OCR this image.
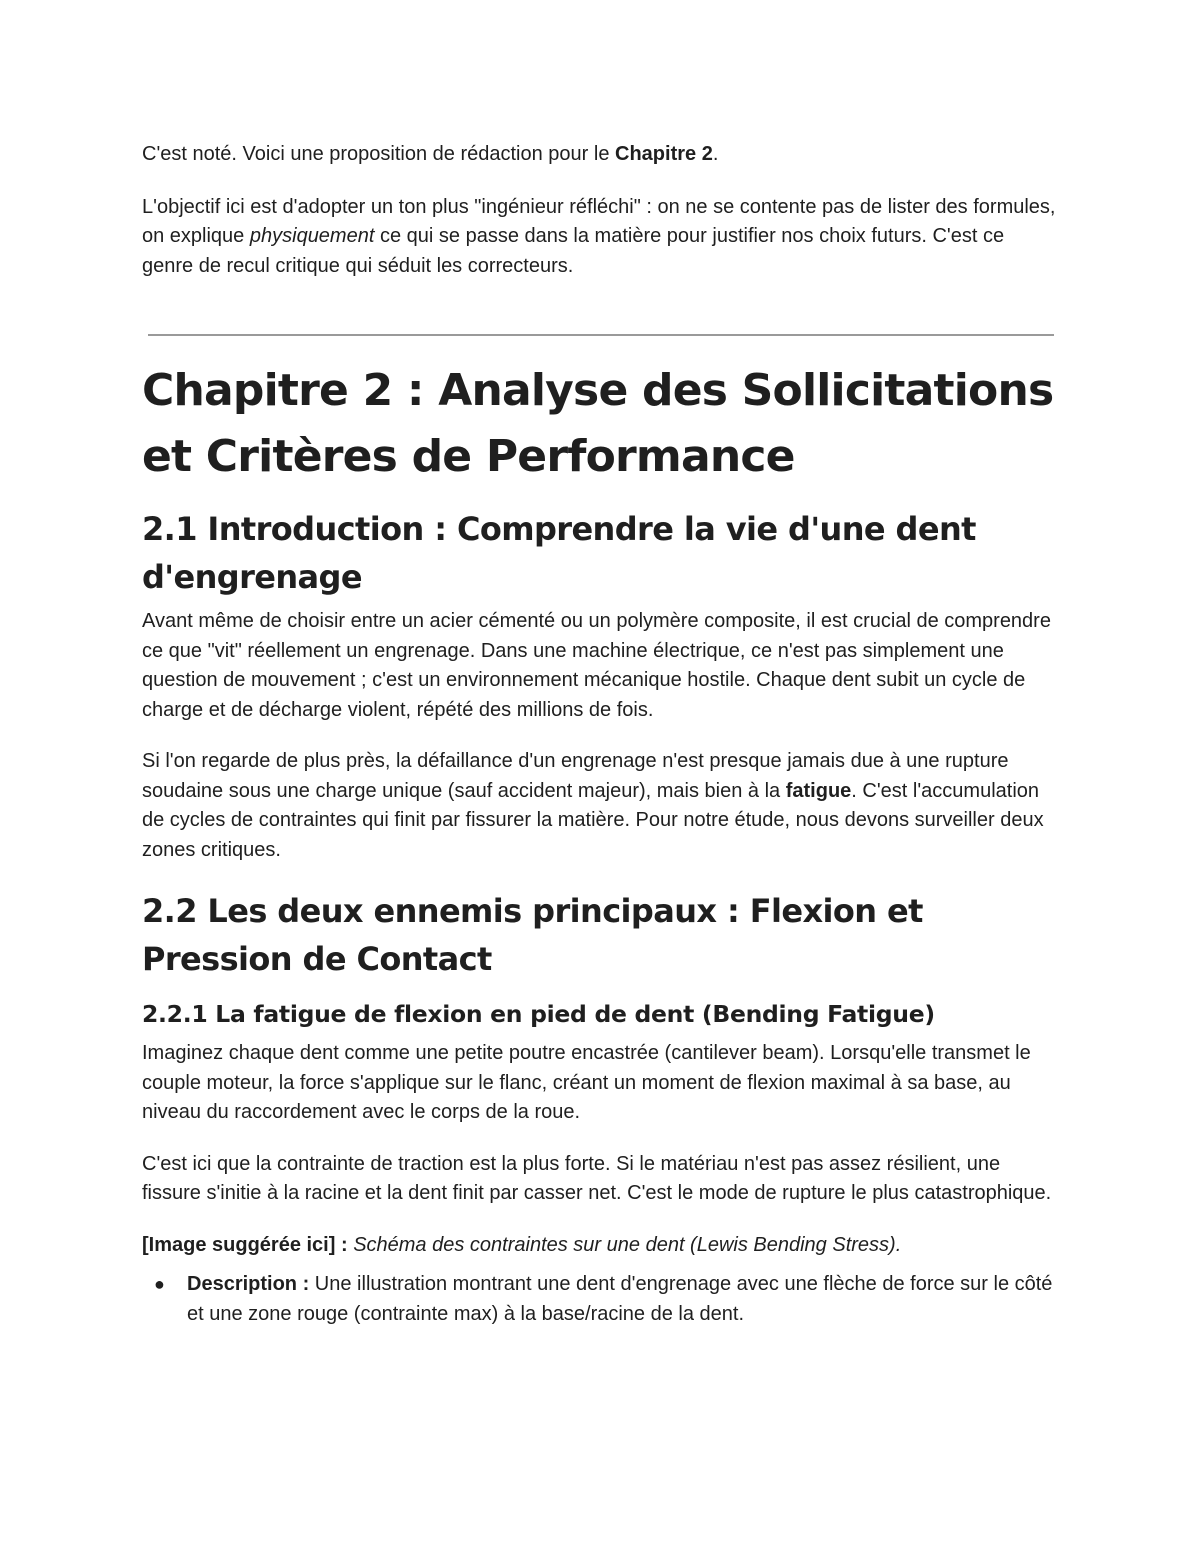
C'est noté. Voici une proposition de rédaction pour le Chapitre 2.

L'objectif ici est d'adopter un ton plus "ingénieur réfléchi" : on ne se contente pas de lister des formules, on explique physiquement ce qui se passe dans la matière pour justifier nos choix futurs. C'est ce genre de recul critique qui séduit les correcteurs.

Chapitre 2 : Analyse des Sollicitations et Critères de Performance
2.1 Introduction : Comprendre la vie d'une dent d'engrenage

Avant même de choisir entre un acier cémenté ou un polymère composite, il est crucial de comprendre ce que "vit" réellement un engrenage. Dans une machine électrique, ce n'est pas simplement une question de mouvement ; c'est un environnement mécanique hostile. Chaque dent subit un cycle de charge et de décharge violent, répété des millions de fois.

Si l'on regarde de plus près, la défaillance d'un engrenage n'est presque jamais due à une rupture soudaine sous une charge unique (sauf accident majeur), mais bien à la fatigue. C'est l'accumulation de cycles de contraintes qui finit par fissurer la matière. Pour notre étude, nous devons surveiller deux zones critiques.

2.2 Les deux ennemis principaux : Flexion et Pression de Contact
2.2.1 La fatigue de flexion en pied de dent (Bending Fatigue)

Imaginez chaque dent comme une petite poutre encastrée (cantilever beam). Lorsqu'elle transmet le couple moteur, la force s'applique sur le flanc, créant un moment de flexion maximal à sa base, au niveau du raccordement avec le corps de la roue.

C'est ici que la contrainte de traction est la plus forte. Si le matériau n'est pas assez résilient, une fissure s'initie à la racine et la dent finit par casser net. C'est le mode de rupture le plus catastrophique.

[Image suggérée ici] : Schéma des contraintes sur une dent (Lewis Bending Stress).

● Description : Une illustration montrant une dent d'engrenage avec une flèche de force sur le côté et une zone rouge (contrainte max) à la base/racine de la dent.
